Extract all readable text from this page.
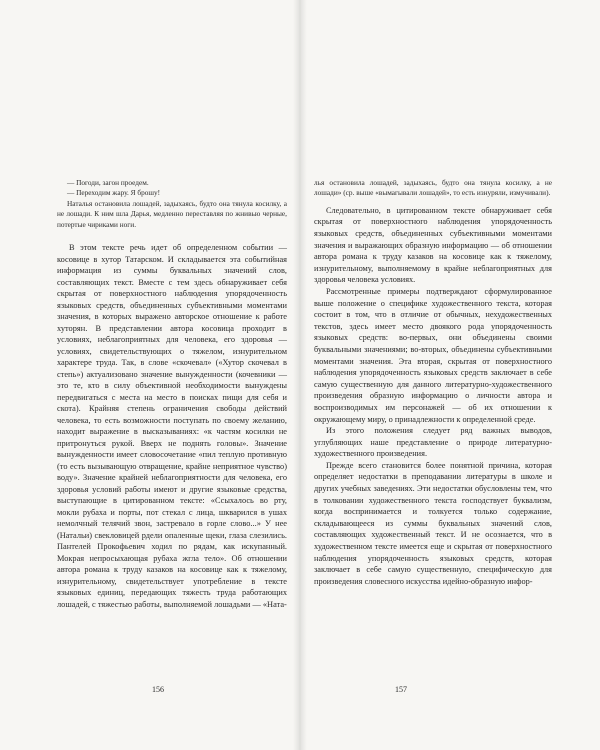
— Погоди, загон проедем.

— Переходим жару. Я брошу!

Наталья остановила лошадей, задыхаясь, будто она тянула косилку, а не лошади. К ним шла Дарья, медленно переставляя по жнивью черные, потертые чириками ноги.

В этом тексте речь идет об определенном событии — косовице в хутор Татарском. И складывается эта событийная информация из суммы буквальных значений слов, составляющих текст. Вместе с тем здесь обнаруживает себя скрытая от поверхностного наблюдения упорядоченность языковых средств, объединенных субъективными моментами значения, в которых выражено авторское отношение к работе хуторян. В представлении автора косовица проходит в условиях, неблагоприятных для человека, его здоровья — условиях, свидетельствующих о тяжелом, изнурительном характере труда. Так, в слове «скочевал» («Хутор скочевал в степь») актуализовано значение вынужденности (кочевники — это те, кто в силу объективной необходимости вынуждены передвигаться с места на место в поисках пищи для себя и скота). Крайняя степень ограничения свободы действий человека, то есть возможности поступать по своему желанию, находит выражение в высказываниях: «к частям косилки не притронуться рукой. Вверх не поднять головы». Значение вынужденности имеет словосочетание «пил теплую противную (то есть вызывающую отвращение, крайне неприятное чувство) воду». Значение крайней неблагоприятности для человека, его здоровья условий работы имеют и другие языковые средства, выступающие в цитированном тексте: «Ссыхалось во рту, мокли рубаха и порты, пот стекал с лица, шкварился в ушах немолчный телячий звон, застревало в горле слово...» У нее (Натальи) свекловицей рдели опаленные щеки, глаза слезились. Пантелей Прокофьевич ходил по рядам, как искупанный. Мокрая непросыхающая рубаха жгла тело». Об отношении автора романа к труду казаков на косовице как к тяжелому, изнурительному, свидетельствует употребление в тексте языковых единиц, передающих тяжесть труда работающих лошадей, с тяжестью работы, выполняемой лошадьми — «Ната-

156

лья остановила лошадей, задыхаясь, будто она тянула косилку, а не лошади» (ср. выше «вымагывали лошадей», то есть изнуряли, измучивали).

Следовательно, в цитированном тексте обнаруживает себя скрытая от поверхностного наблюдения упорядоченность языковых средств, объединенных субъективными моментами значения и выражающих образную информацию — об отношении автора романа к труду казаков на косовице как к тяжелому, изнурительному, выполняемому в крайне неблагоприятных для здоровья человека условиях.

Рассмотренные примеры подтверждают сформулированное выше положение о специфике художественного текста, которая состоит в том, что в отличие от обычных, нехудожественных текстов, здесь имеет место двоякого рода упорядоченность языковых средств: во-первых, они объединены своими буквальными значениями; во-вторых, объединены субъективными моментами значения. Эта вторая, скрытая от поверхностного наблюдения упорядоченность языковых средств заключает в себе самую существенную для данного литературно-художественного произведения образную информацию о личности автора и воспроизводимых им персонажей — об их отношении к окружающему миру, о принадлежности к определенной среде.

Из этого положения следует ряд важных выводов, углубляющих наше представление о природе литературно-художественного произведения.

Прежде всего становится более понятной причина, которая определяет недостатки в преподавании литературы в школе и других учебных заведениях. Эти недостатки обусловлены тем, что в толковании художественного текста господствует буквализм, когда воспринимается и толкуется только содержание, складывающееся из суммы буквальных значений слов, составляющих художественный текст. И не осознается, что в художественном тексте имеется еще и скрытая от поверхностного наблюдения упорядоченность языковых средств, которая заключает в себе самую существенную, специфическую для произведения словесного искусства идейно-образную инфор-

157
